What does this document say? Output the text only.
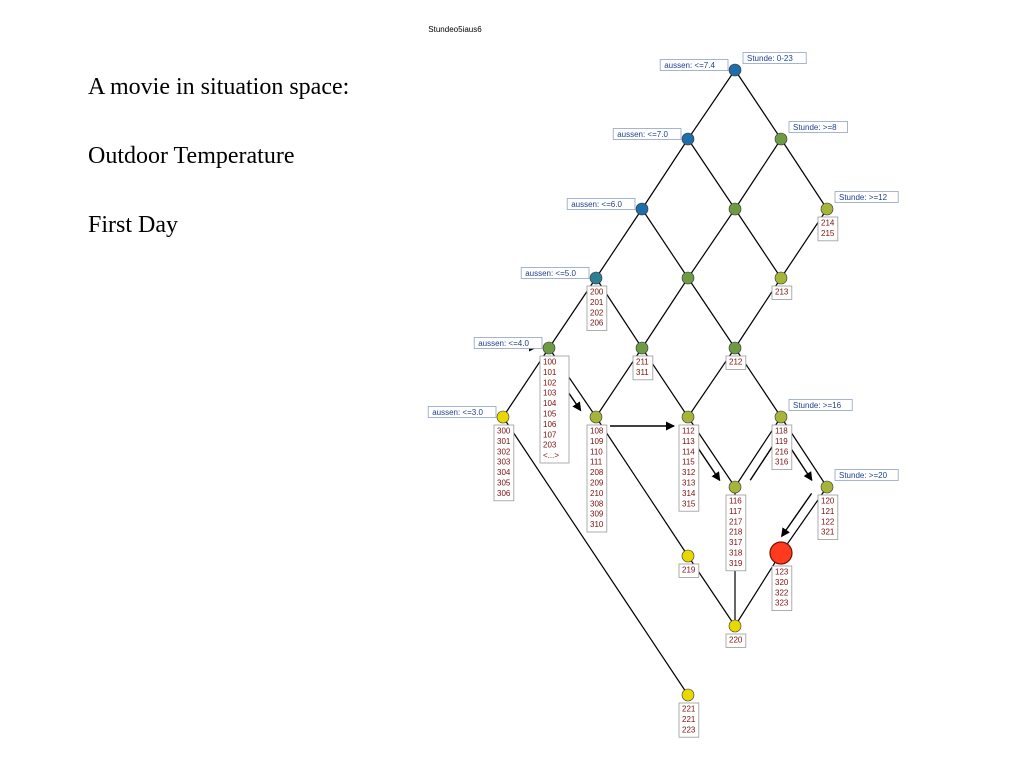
A movie in situation space:

Outdoor Temperature

First Day

Stundeo5iaus6
aussen: <=7.4
Stunde: 0-23
aussen: <=7.0
Stunde: >=8
aussen: <=6.0
Stunde: >=12
214
215
aussen: <=5.0
200
201
202
206
213
aussen: <=4.0
100
101
102
103
104
105
106
107
203
<...>
211
311
212
aussen: <=3.0
300
301
302
303
304
305
306
108
109
110
111
208
209
210
308
309
310
112
113
114
115
312
313
314
315
Stunde: >=16
118
119
216
316
116
117
217
218
317
318
319
Stunde: >=20
120
121
122
321
219	123
320
322
323
220
221
221
223
